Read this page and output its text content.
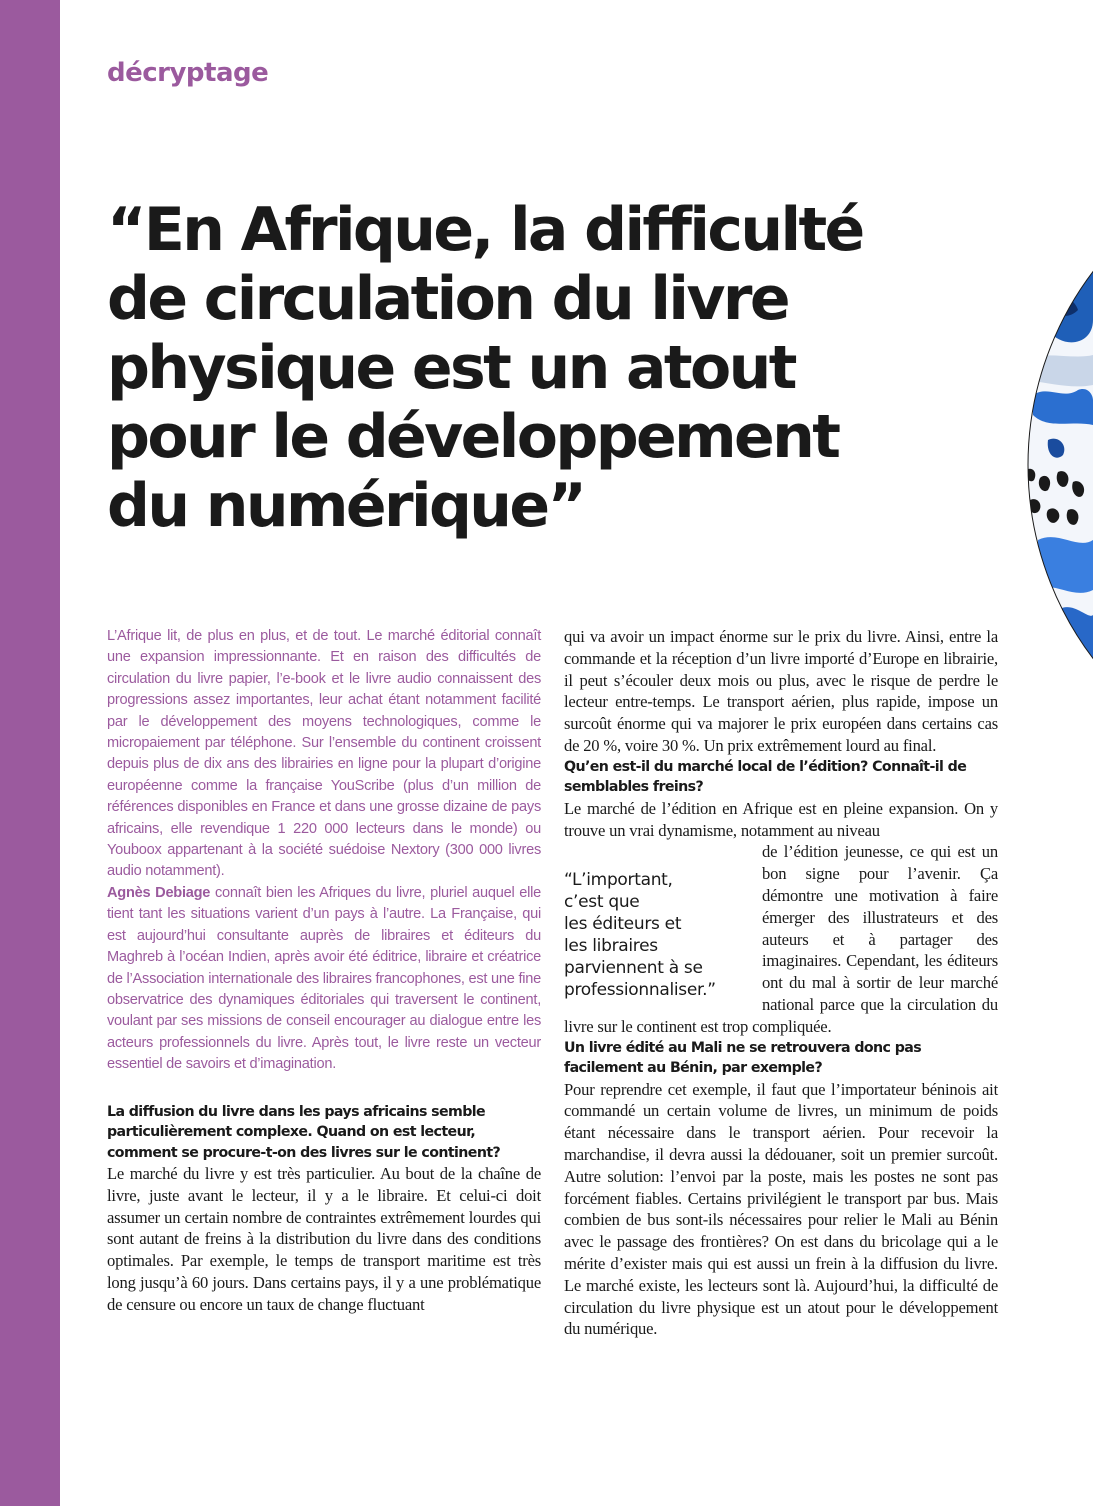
décryptage
“En Afrique, la difficulté
de circulation du livre
physique est un atout
pour le développement
du numérique”

L’Afrique lit, de plus en plus, et de tout. Le marché éditorial connaît une expansion impressionnante. Et en raison des difficultés de circulation du livre papier, l’e-book et le livre audio connaissent des progressions assez importantes, leur achat étant notamment facilité par le développement des moyens technologiques, comme le micropaiement par téléphone. Sur l’ensemble du continent croissent depuis plus de dix ans des librairies en ligne pour la plupart d’origine européenne comme la française YouScribe (plus d’un million de références disponibles en France et dans une grosse dizaine de pays africains, elle revendique 1 220 000 lecteurs dans le monde) ou Youboox appartenant à la société suédoise Nextory (300 000 livres audio notamment).

Agnès Debiage connaît bien les Afriques du livre, pluriel auquel elle tient tant les situations varient d’un pays à l’autre. La Française, qui est aujourd’hui consultante auprès de libraires et éditeurs du Maghreb à l’océan Indien, après avoir été éditrice, libraire et créatrice de l’Association internationale des libraires francophones, est une fine observatrice des dynamiques éditoriales qui traversent le continent, voulant par ses missions de conseil encourager au dialogue entre les acteurs professionnels du livre. Après tout, le livre reste un vecteur essentiel de savoirs et d’imagination.

La diffusion du livre dans les pays africains semble particulièrement complexe. Quand on est lecteur, comment se procure-t-on des livres sur le continent?

Le marché du livre y est très particulier. Au bout de la chaîne de livre, juste avant le lecteur, il y a le libraire. Et celui-ci doit assumer un certain nombre de contraintes extrêmement lourdes qui sont autant de freins à la distribution du livre dans des conditions optimales. Par exemple, le temps de transport maritime est très long jusqu’à 60 jours. Dans certains pays, il y a une problématique de censure ou encore un taux de change fluctuant

qui va avoir un impact énorme sur le prix du livre. Ainsi, entre la commande et la réception d’un livre importé d’Europe en librairie, il peut s’écouler deux mois ou plus, avec le risque de perdre le lecteur entre-temps. Le transport aérien, plus rapide, impose un surcoût énorme qui va majorer le prix européen dans certains cas de 20 %, voire 30 %. Un prix extrêmement lourd au final.

Qu’en est-il du marché local de l’édition? Connaît-il de semblables freins?

Le marché de l’édition en Afrique est en pleine expansion. On y trouve un vrai dynamisme, notamment au niveau

“L’important,
c’est que
les éditeurs et
les libraires
parviennent à se
professionnaliser.”

de l’édition jeunesse, ce qui est un bon signe pour l’avenir. Ça démontre une motivation à faire émerger des illustrateurs et des auteurs et à partager des imaginaires. Cependant, les éditeurs ont du mal à sortir de leur marché national parce que la circulation du livre sur le continent est trop compliquée.

Un livre édité au Mali ne se retrouvera donc pas facilement au Bénin, par exemple?

Pour reprendre cet exemple, il faut que l’importateur béninois ait commandé un certain volume de livres, un minimum de poids étant nécessaire dans le transport aérien. Pour recevoir la marchandise, il devra aussi la dédouaner, soit un premier surcoût. Autre solution: l’envoi par la poste, mais les postes ne sont pas forcément fiables. Certains privilégient le transport par bus. Mais combien de bus sont-ils nécessaires pour relier le Mali au Bénin avec le passage des frontières? On est dans du bricolage qui a le mérite d’exister mais qui est aussi un frein à la diffusion du livre. Le marché existe, les lecteurs sont là. Aujourd’hui, la difficulté de circulation du livre physique est un atout pour le développement du numérique.
